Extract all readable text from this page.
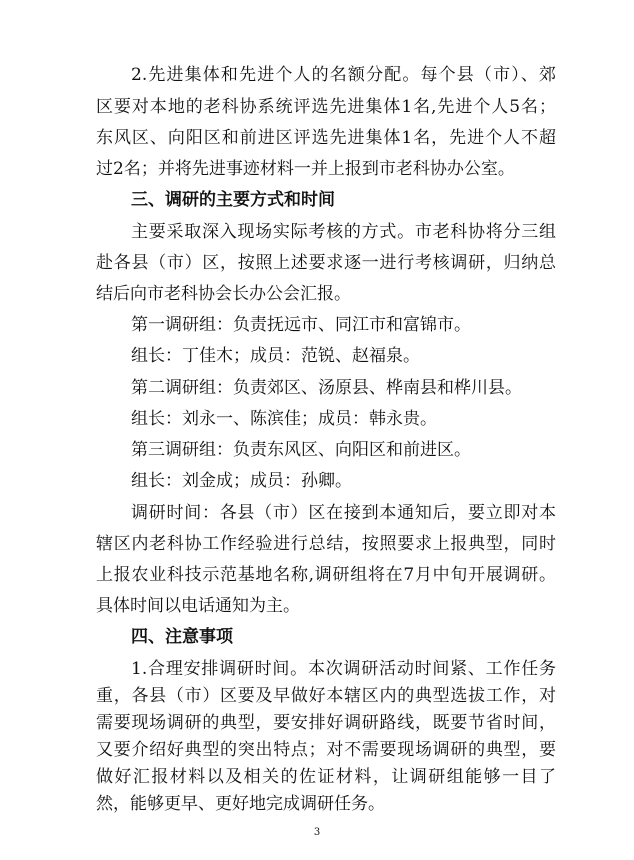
2.先进集体和先进个人的名额分配。每个县（市）、郊
区要对本地的老科协系统评选先进集体1名,先进个人5名；
东风区、向阳区和前进区评选先进集体1名，先进个人不超
过2名；并将先进事迹材料一并上报到市老科协办公室。
三、调研的主要方式和时间
主要采取深入现场实际考核的方式。市老科协将分三组
赴各县（市）区，按照上述要求逐一进行考核调研，归纳总
结后向市老科协会长办公会汇报。
第一调研组：负责抚远市、同江市和富锦市。
组长：丁佳木；成员：范锐、赵福泉。
第二调研组：负责郊区、汤原县、桦南县和桦川县。
组长：刘永一、陈滨佳；成员：韩永贵。
第三调研组：负责东风区、向阳区和前进区。
组长：刘金成；成员：孙卿。
调研时间：各县（市）区在接到本通知后，要立即对本
辖区内老科协工作经验进行总结，按照要求上报典型，同时
上报农业科技示范基地名称,调研组将在7月中旬开展调研。
具体时间以电话通知为主。
四、注意事项
1.合理安排调研时间。本次调研活动时间紧、工作任务
重，各县（市）区要及早做好本辖区内的典型选拔工作，对
需要现场调研的典型，要安排好调研路线，既要节省时间，
又要介绍好典型的突出特点；对不需要现场调研的典型，要
做好汇报材料以及相关的佐证材料，让调研组能够一目了
然，能够更早、更好地完成调研任务。
3
